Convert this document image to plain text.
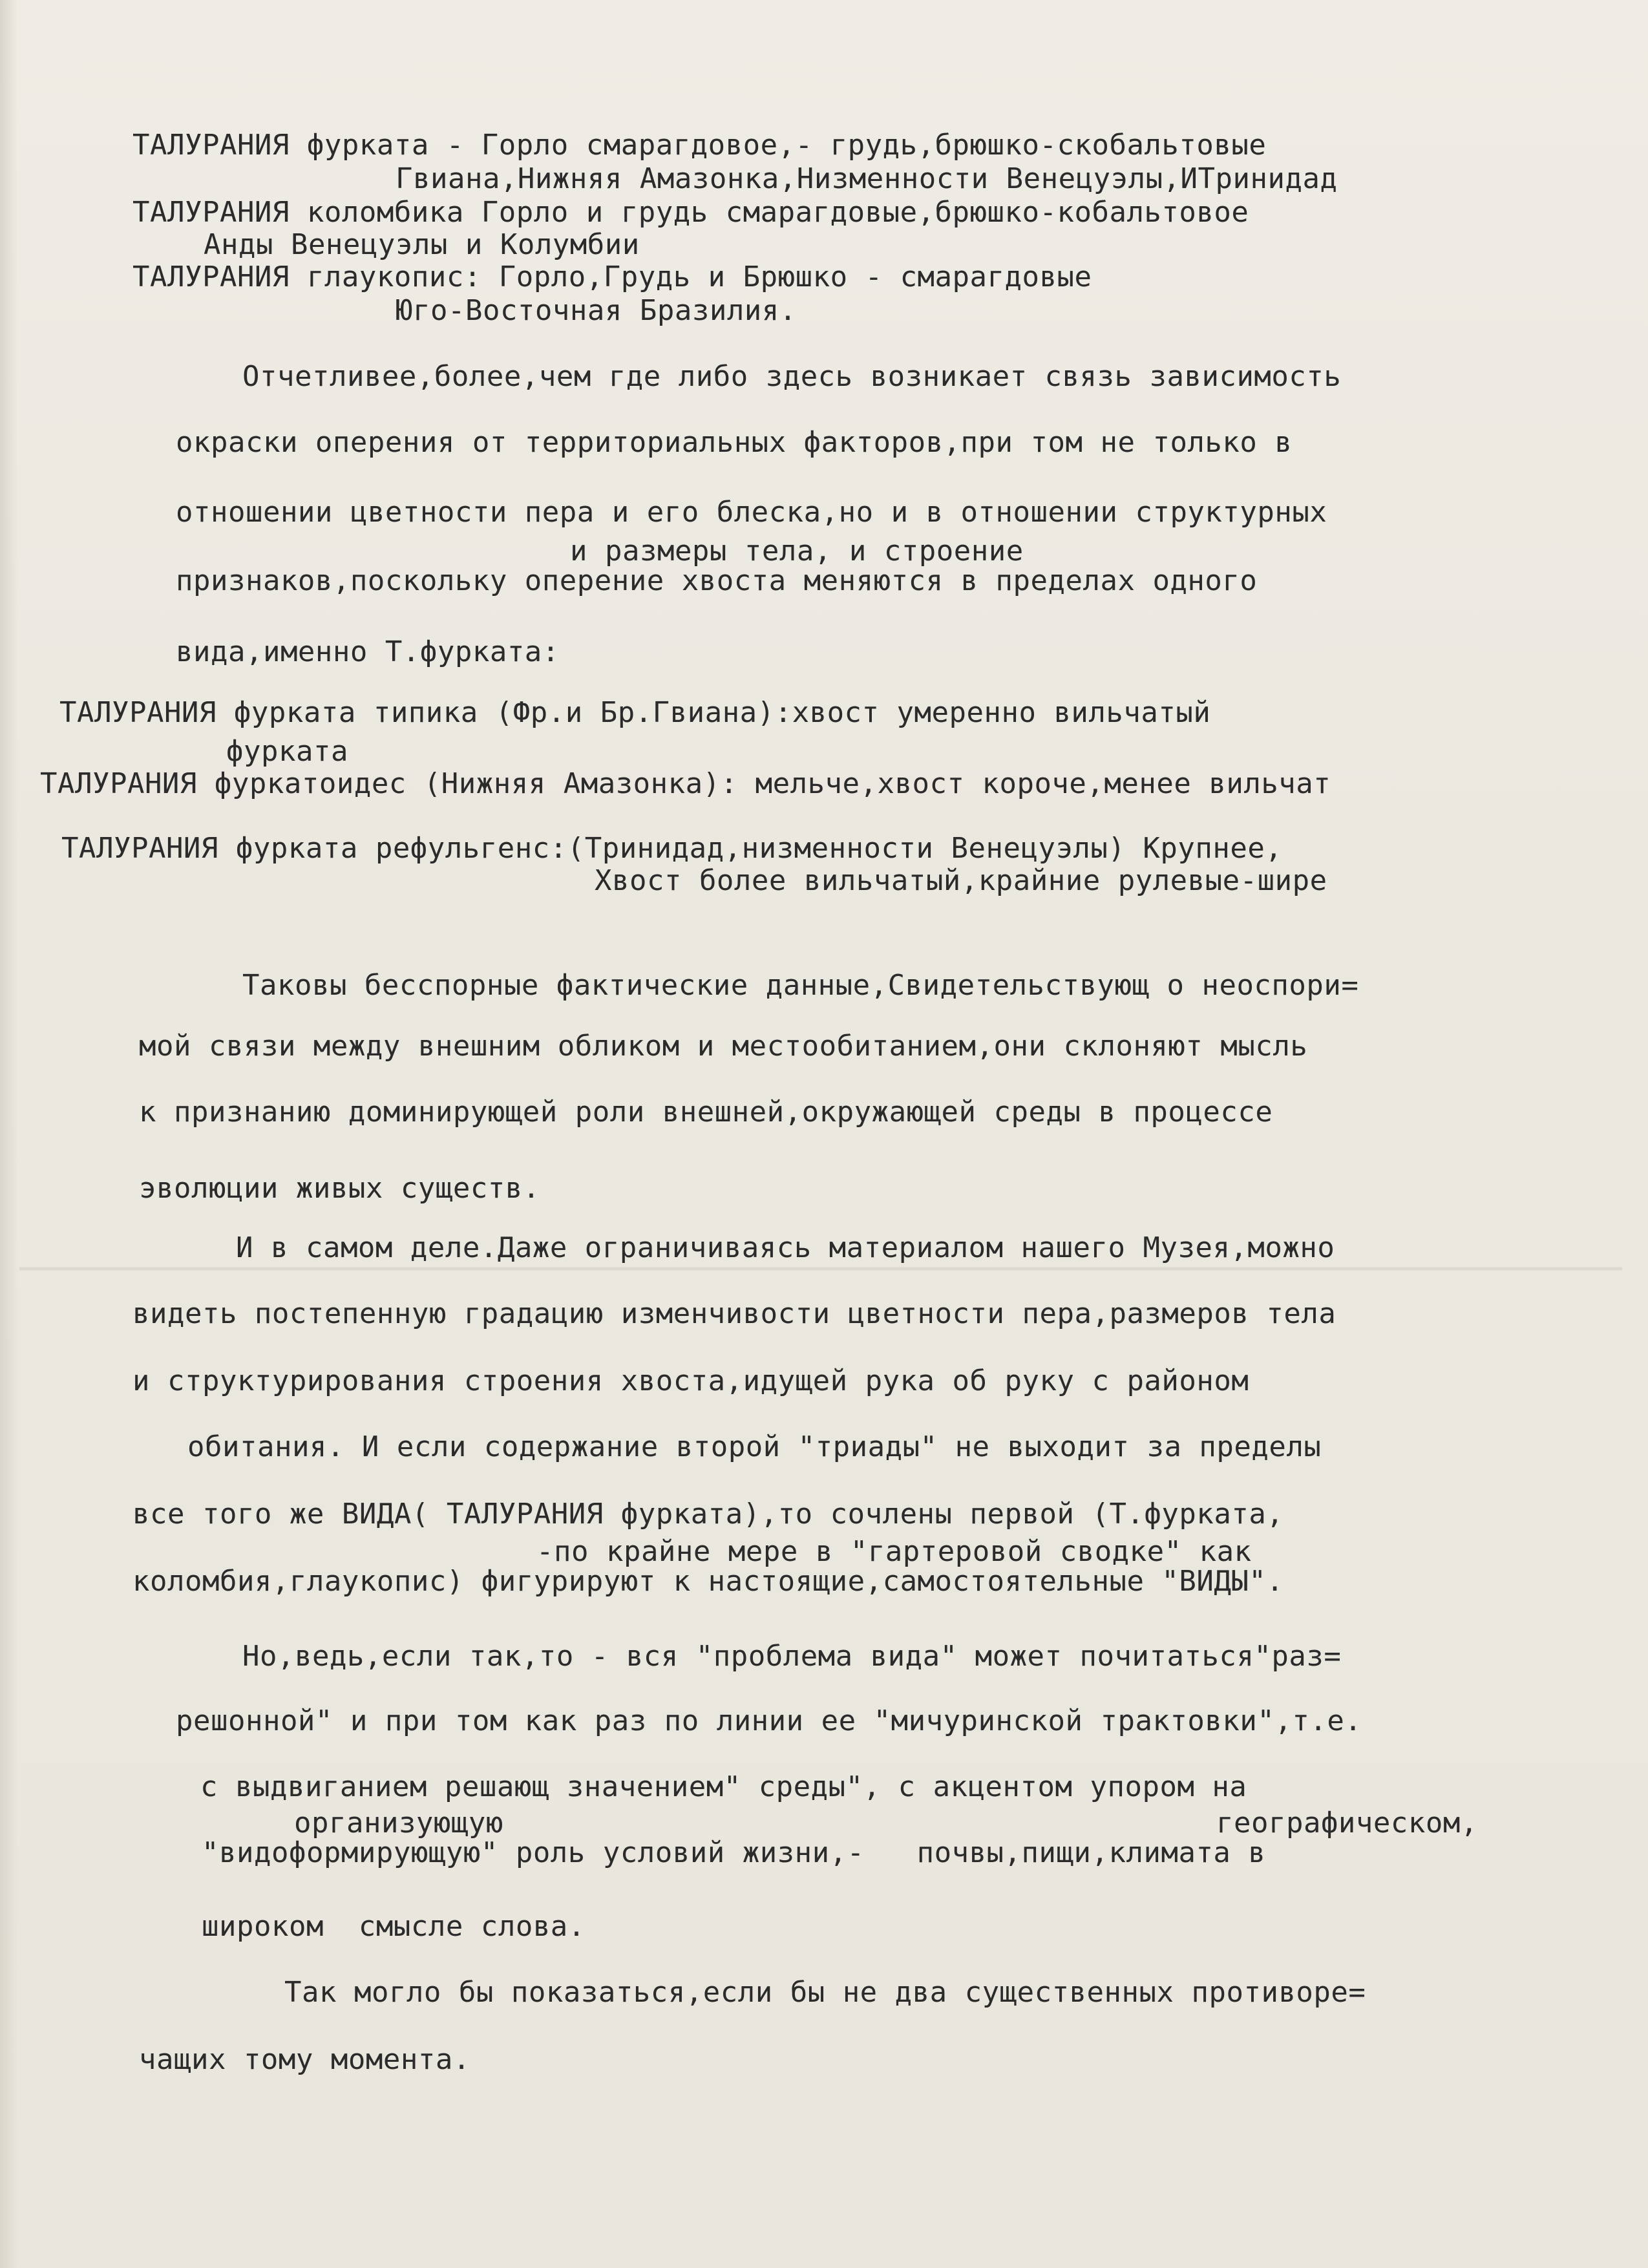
ТАЛУРАНИЯ фурката - Горло смарагдовое,- грудь,брюшко-скобальтовые
Гвиана,Нижняя Амазонка,Низменности Венецуэлы,ИТринидад
ТАЛУРАНИЯ коломбика Горло и грудь смарагдовые,брюшко-кобальтовое
Анды Венецуэлы и Колумбии
ТАЛУРАНИЯ глаукопис: Горло,Грудь и Брюшко - смарагдовые
Юго-Восточная Бразилия.
Отчетливее,более,чем где либо здесь возникает связь зависимость
окраски оперения от территориальных факторов,при том не только в
отношении цветности пера и его блеска,но и в отношении структурных
и размеры тела, и строение
признаков,поскольку оперение хвоста меняются в пределах одного
вида,именно Т.фурката:
ТАЛУРАНИЯ фурката типика (Фр.и Бр.Гвиана):хвост умеренно вильчатый
фурката
ТАЛУРАНИЯ фуркатоидес (Нижняя Амазонка): мельче,хвост короче,менее вильчат
ТАЛУРАНИЯ фурката рефульгенс:(Тринидад,низменности Венецуэлы) Крупнее,
Хвост более вильчатый,крайние рулевые-шире
Таковы бесспорные фактические данные,Свидетельствующ о неоспори=
мой связи между внешним обликом и местообитанием,они склоняют мысль
к признанию доминирующей роли внешней,окружающей среды в процессе
эволюции живых существ.
И в самом деле.Даже ограничиваясь материалом нашего Музея,можно
видеть постепенную градацию изменчивости цветности пера,размеров тела
и структурирования строения хвоста,идущей рука об руку с районом
обитания. И если содержание второй "триады" не выходит за пределы
все того же ВИДА( ТАЛУРАНИЯ фурката),то сочлены первой (Т.фурката,
-по крайне мере в "гартеровой сводке" как
коломбия,глаукопис) фигурируют к настоящие,самостоятельные "ВИДЫ".
Но,ведь,если так,то - вся "проблема вида" может почитаться"раз=
решонной" и при том как раз по линии ее "мичуринской трактовки",т.е.
с выдвиганием решающ значением" среды", с акцентом упором на
организующую	географическом,
"видоформирующую" роль условий жизни,-   почвы,пищи,климата в
широком  смысле слова.
Так могло бы показаться,если бы не два существенных противоре=
чащих тому момента.
